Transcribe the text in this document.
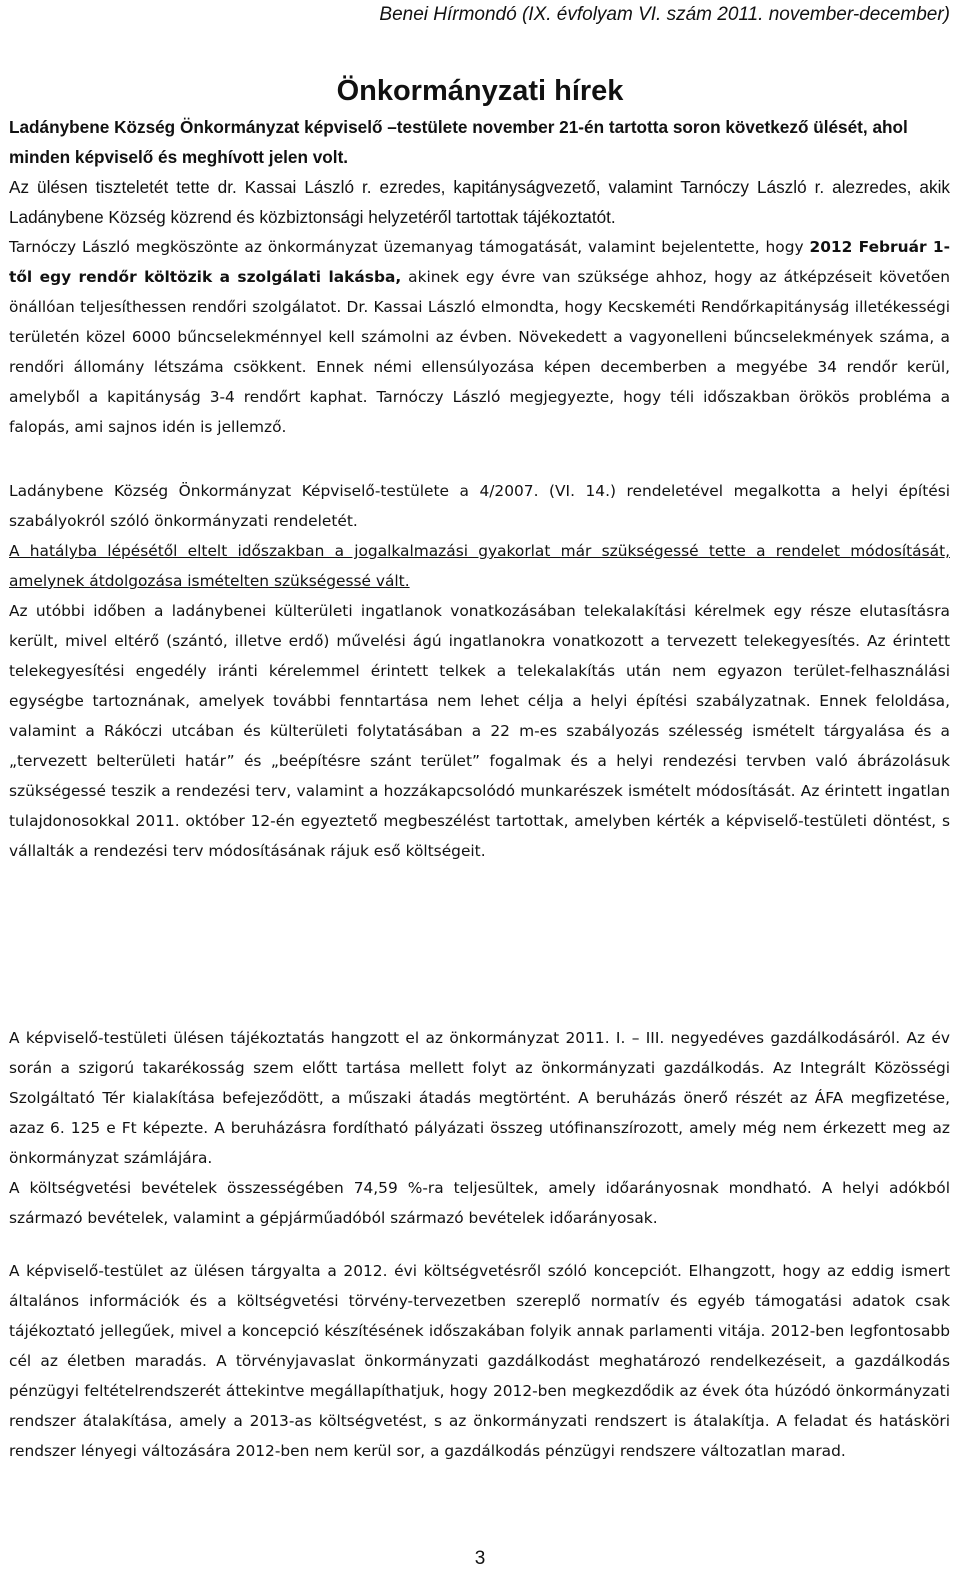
Benei Hírmondó (IX. évfolyam VI. szám 2011. november-december)
Önkormányzati hírek
Ladánybene Község Önkormányzat képviselő –testülete november 21-én tartotta soron következő ülését, ahol minden képviselő és meghívott jelen volt.
Az ülésen tiszteletét tette dr. Kassai László r. ezredes, kapitányságvezető, valamint Tarnóczy László r. alezredes, akik Ladánybene Község közrend és közbiztonsági helyzetéről tartottak tájékoztatót.

Tarnóczy László megköszönte az önkormányzat üzemanyag támogatását, valamint bejelentette, hogy 2012 Február 1-től egy rendőr költözik a szolgálati lakásba, akinek egy évre van szüksége ahhoz, hogy az átképzéseit követően önállóan teljesíthessen rendőri szolgálatot. Dr. Kassai László elmondta, hogy Kecskeméti Rendőrkapitányság illetékességi területén közel 6000 bűncselekménnyel kell számolni az évben. Növekedett a vagyonelleni bűncselekmények száma, a rendőri állomány létszáma csökkent. Ennek némi ellensúlyozása képen decemberben a megyébe 34 rendőr kerül, amelyből a kapitányság 3-4 rendőrt kaphat. Tarnóczy László megjegyezte, hogy téli időszakban örökös probléma a falopás, ami sajnos idén is jellemző.

Ladánybene Község Önkormányzat Képviselő-testülete a 4/2007. (VI. 14.) rendeletével megalkotta a helyi építési szabályokról szóló önkormányzati rendeletét.

A hatályba lépésétől eltelt időszakban a jogalkalmazási gyakorlat már szükségessé tette a rendelet módosítását, amelynek átdolgozása ismételten szükségessé vált.

Az utóbbi időben a ladánybenei külterületi ingatlanok vonatkozásában telekalakítási kérelmek egy része elutasításra került, mivel eltérő (szántó, illetve erdő) művelési ágú ingatlanokra vonatkozott a tervezett telekegyesítés. Az érintett telekegyesítési engedély iránti kérelemmel érintett telkek a telekalakítás után nem egyazon terület-felhasználási egységbe tartoznának, amelyek további fenntartása nem lehet célja a helyi építési szabályzatnak. Ennek feloldása, valamint a Rákóczi utcában és külterületi folytatásában a 22 m-es szabályozás szélesség ismételt tárgyalása és a „tervezett belterületi határ” és „beépítésre szánt terület” fogalmak és a helyi rendezési tervben való ábrázolásuk szükségessé teszik a rendezési terv, valamint a hozzákapcsolódó munkarészek ismételt módosítását. Az érintett ingatlan tulajdonosokkal 2011. október 12-én egyeztető megbeszélést tartottak, amelyben kérték a képviselő-testületi döntést, s vállalták a rendezési terv módosításának rájuk eső költségeit.

A képviselő-testületi ülésen tájékoztatás hangzott el az önkormányzat 2011. I. – III. negyedéves gazdálkodásáról. Az év során a szigorú takarékosság szem előtt tartása mellett folyt az önkormányzati gazdálkodás. Az Integrált Közösségi Szolgáltató Tér kialakítása befejeződött, a műszaki átadás megtörtént. A beruházás önerő részét az ÁFA megfizetése, azaz 6. 125 e Ft képezte. A beruházásra fordítható pályázati összeg utófinanszírozott, amely még nem érkezett meg az önkormányzat számlájára.

A költségvetési bevételek összességében 74,59 %-ra teljesültek, amely időarányosnak mondható. A helyi adókból származó bevételek, valamint a gépjárműadóból származó bevételek időarányosak.

A képviselő-testület az ülésen tárgyalta a 2012. évi költségvetésről szóló koncepciót. Elhangzott, hogy az eddig ismert általános információk és a költségvetési törvény-tervezetben szereplő normatív és egyéb támogatási adatok csak tájékoztató jellegűek, mivel a koncepció készítésének időszakában folyik annak parlamenti vitája. 2012-ben legfontosabb cél az életben maradás. A törvényjavaslat önkormányzati gazdálkodást meghatározó rendelkezéseit, a gazdálkodás pénzügyi feltételrendszerét áttekintve megállapíthatjuk, hogy 2012-ben megkezdődik az évek óta húzódó önkormányzati rendszer átalakítása, amely a 2013-as költségvetést, s az önkormányzati rendszert is átalakítja. A feladat és hatásköri rendszer lényegi változására 2012-ben nem kerül sor, a gazdálkodás pénzügyi rendszere változatlan marad.

3
